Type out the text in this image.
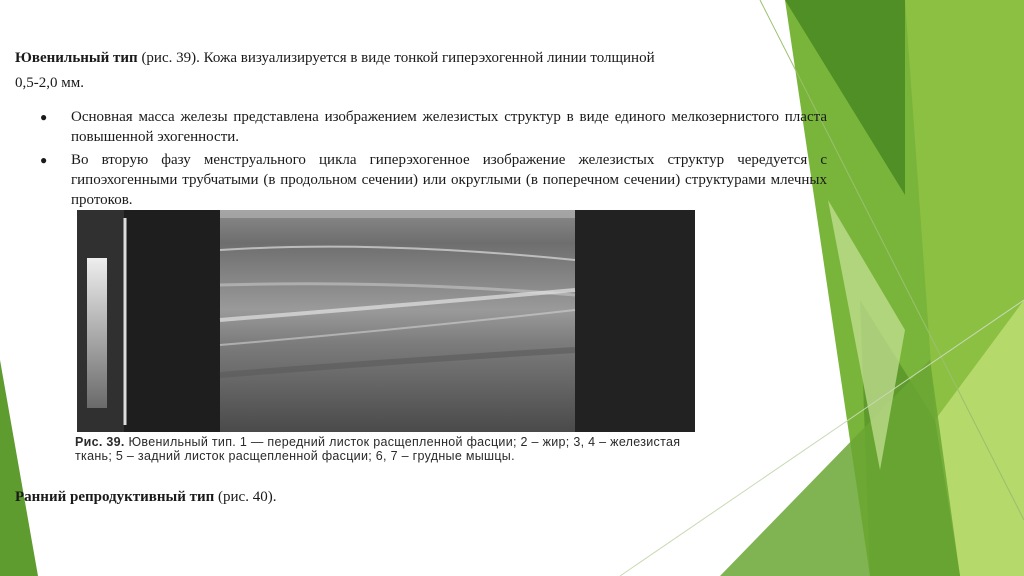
Ювенильный тип (рис. 39). Кожа визуализируется в виде тонкой гиперэхогенной линии толщиной
0,5-2,0 мм.
● Основная масса железы представлена изображением железистых структур в виде единого мелкозернистого пласта повышенной эхогенности.
● Во вторую фазу менструального цикла гиперэхогенное изображение железистых структур чередуется с гипоэхогенными трубчатыми (в продольном сечении) или округлыми (в поперечном сечении) структурами млечных протоков.
Рис. 39. Ювенильный тип. 1 — передний листок расщепленной фасции; 2 – жир; 3, 4 – железистая ткань; 5 – задний листок расщепленной фасции; 6, 7 – грудные мышцы.
Ранний репродуктивный тип (рис. 40).
